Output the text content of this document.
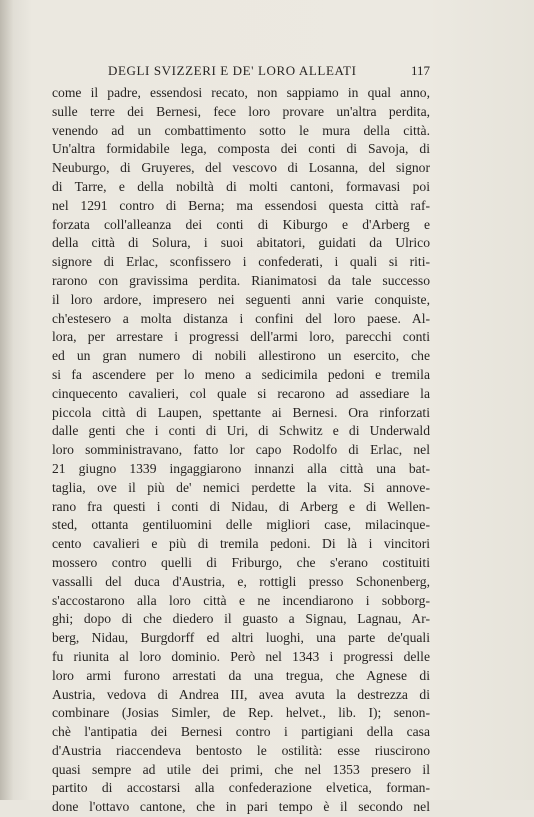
DEGLI SVIZZERI E DE' LORO ALLEATI	117
come il padre, essendosi recato, non sappiamo in qual anno,
sulle terre dei Bernesi, fece loro provare un'altra perdita,
venendo ad un combattimento sotto le mura della città.
Un'altra formidabile lega, composta dei conti di Savoja, di
Neuburgo, di Gruyeres, del vescovo di Losanna, del signor
di Tarre, e della nobiltà di molti cantoni, formavasi poi
nel 1291 contro di Berna; ma essendosi questa città raf-
forzata coll'alleanza dei conti di Kiburgo e d'Arberg e
della città di Solura, i suoi abitatori, guidati da Ulrico
signore di Erlac, sconfissero i confederati, i quali si riti-
rarono con gravissima perdita. Rianimatosi da tale successo
il loro ardore, impresero nei seguenti anni varie conquiste,
ch'estesero a molta distanza i confini del loro paese. Al-
lora, per arrestare i progressi dell'armi loro, parecchi conti
ed un gran numero di nobili allestirono un esercito, che
si fa ascendere per lo meno a sedicimila pedoni e tremila
cinquecento cavalieri, col quale si recarono ad assediare la
piccola città di Laupen, spettante ai Bernesi. Ora rinforzati
dalle genti che i conti di Uri, di Schwitz e di Underwald
loro somministravano, fatto lor capo Rodolfo di Erlac, nel
21 giugno 1339 ingaggiarono innanzi alla città una bat-
taglia, ove il più de' nemici perdette la vita. Si annove-
rano fra questi i conti di Nidau, di Arberg e di Wellen-
sted, ottanta gentiluomini delle migliori case, milacinque-
cento cavalieri e più di tremila pedoni. Di là i vincitori
mossero contro quelli di Friburgo, che s'erano costituiti
vassalli del duca d'Austria, e, rottigli presso Schonenberg,
s'accostarono alla loro città e ne incendiarono i sobborg-
ghi; dopo di che diedero il guasto a Signau, Lagnau, Ar-
berg, Nidau, Burgdorff ed altri luoghi, una parte de'quali
fu riunita al loro dominio. Però nel 1343 i progressi delle
loro armi furono arrestati da una tregua, che Agnese di
Austria, vedova di Andrea III, avea avuta la destrezza di
combinare (Josias Simler, de Rep. helvet., lib. I); senon-
chè l'antipatia dei Bernesi contro i partigiani della casa
d'Austria riaccendeva bentosto le ostilità: esse riuscirono
quasi sempre ad utile dei primi, che nel 1353 presero il
partito di accostarsi alla confederazione elvetica, forman-
done l'ottavo cantone, che in pari tempo è il secondo nel
